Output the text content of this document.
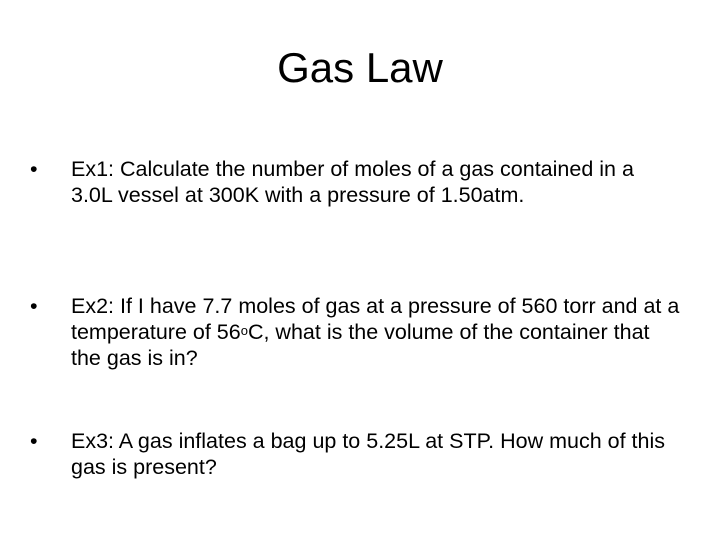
Gas Law
•	Ex1: Calculate the number of moles of a gas contained in a 3.0L vessel at 300K with a pressure of 1.50atm.
•	Ex2: If I have 7.7 moles of gas at a pressure of 560 torr and at a temperature of 56$^o$C, what is the volume of the container that the gas is in?
•	Ex3: A gas inflates a bag up to 5.25L at STP. How much of this gas is present?
